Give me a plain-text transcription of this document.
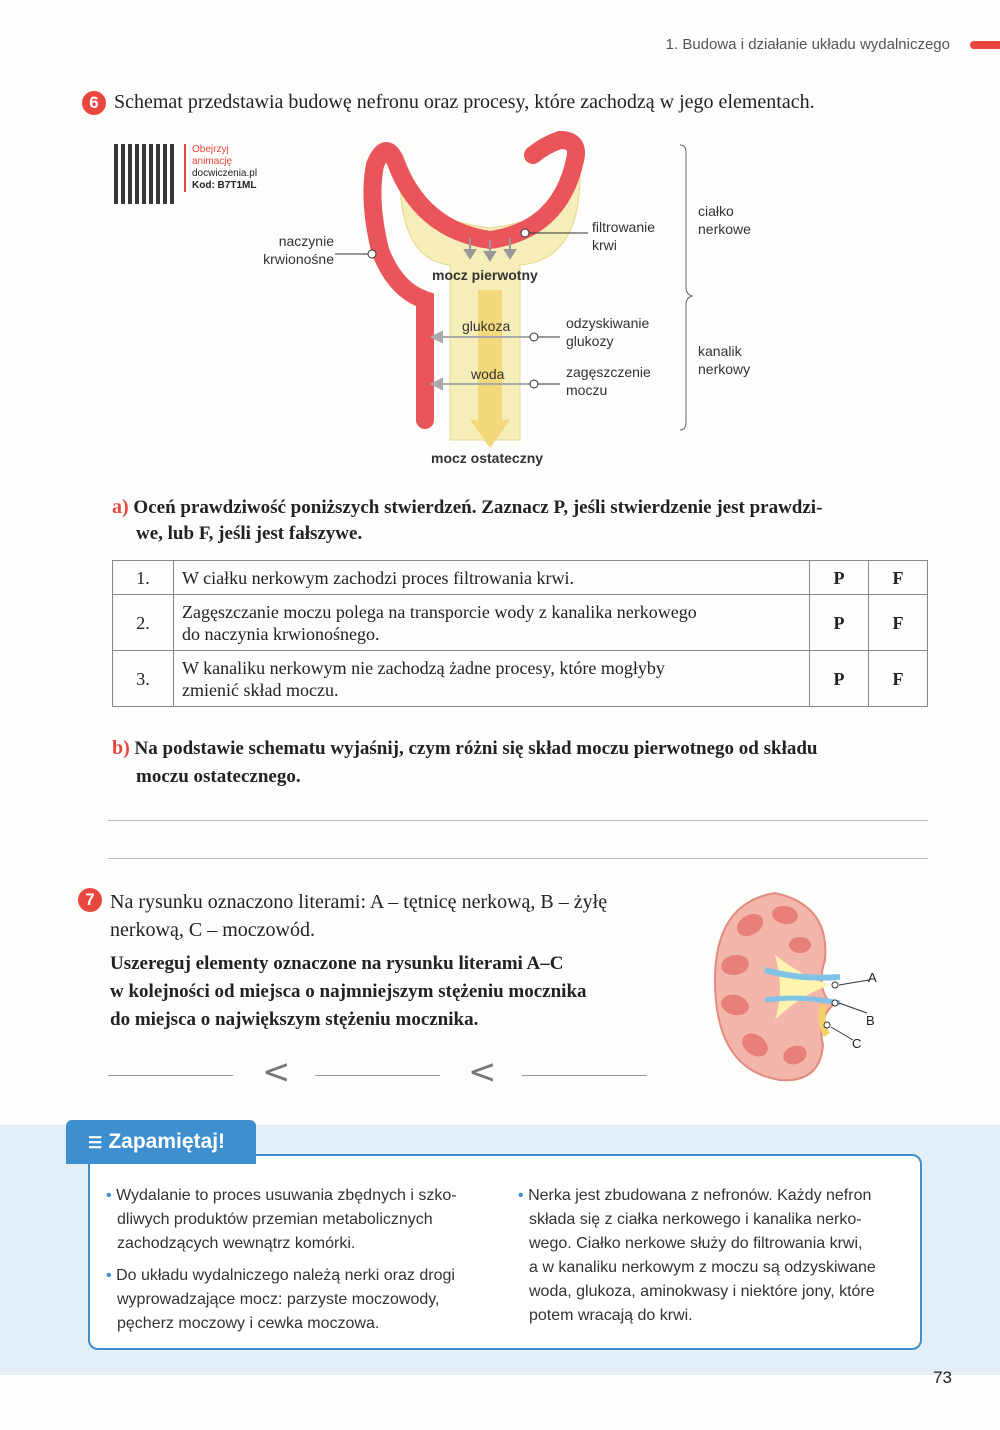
1. Budowa i działanie układu wydalniczego
6 Schemat przedstawia budowę nefronu oraz procesy, które zachodzą w jego elementach.
Obejrzyj
animację
docwiczenia.pl
Kod: B7T1ML
naczynie
krwionośne
filtrowanie
krwi
mocz pierwotny
glukoza	odzyskiwanie
glukozy
woda	zagęszczenie
moczu
mocz ostateczny
ciałko
nerkowe
kanalik
nerkowy
a) Oceń prawdziwość poniższych stwierdzeń. Zaznacz P, jeśli stwierdzenie jest prawdzi-
we, lub F, jeśli jest fałszywe.
1.	W ciałku nerkowym zachodzi proces filtrowania krwi.	P	F
2.	Zagęszczanie moczu polega na transporcie wody z kanalika nerkowego
do naczynia krwionośnego.	P	F
3.	W kanaliku nerkowym nie zachodzą żadne procesy, które mogłyby
zmienić skład moczu.	P	F
b) Na podstawie schematu wyjaśnij, czym różni się skład moczu pierwotnego od składu
moczu ostatecznego.
7 Na rysunku oznaczono literami: A – tętnicę nerkową, B – żyłę
nerkową, C – moczowód.
Uszereguj elementy oznaczone na rysunku literami A–C
w kolejności od miejsca o najmniejszym stężeniu mocznika
do miejsca o największym stężeniu mocznika.
<	<
A
B
C
☰ Zapamiętaj!
• Wydalanie to proces usuwania zbędnych i szko-
dliwych produktów przemian metabolicznych
zachodzących wewnątrz komórki.
• Do układu wydalniczego należą nerki oraz drogi
wyprowadzające mocz: parzyste moczowody,
pęcherz moczowy i cewka moczowa.
• Nerka jest zbudowana z nefronów. Każdy nefron
składa się z ciałka nerkowego i kanalika nerko-
wego. Ciałko nerkowe służy do filtrowania krwi,
a w kanaliku nerkowym z moczu są odzyskiwane
woda, glukoza, aminokwasy i niektóre jony, które
potem wracają do krwi.
73
